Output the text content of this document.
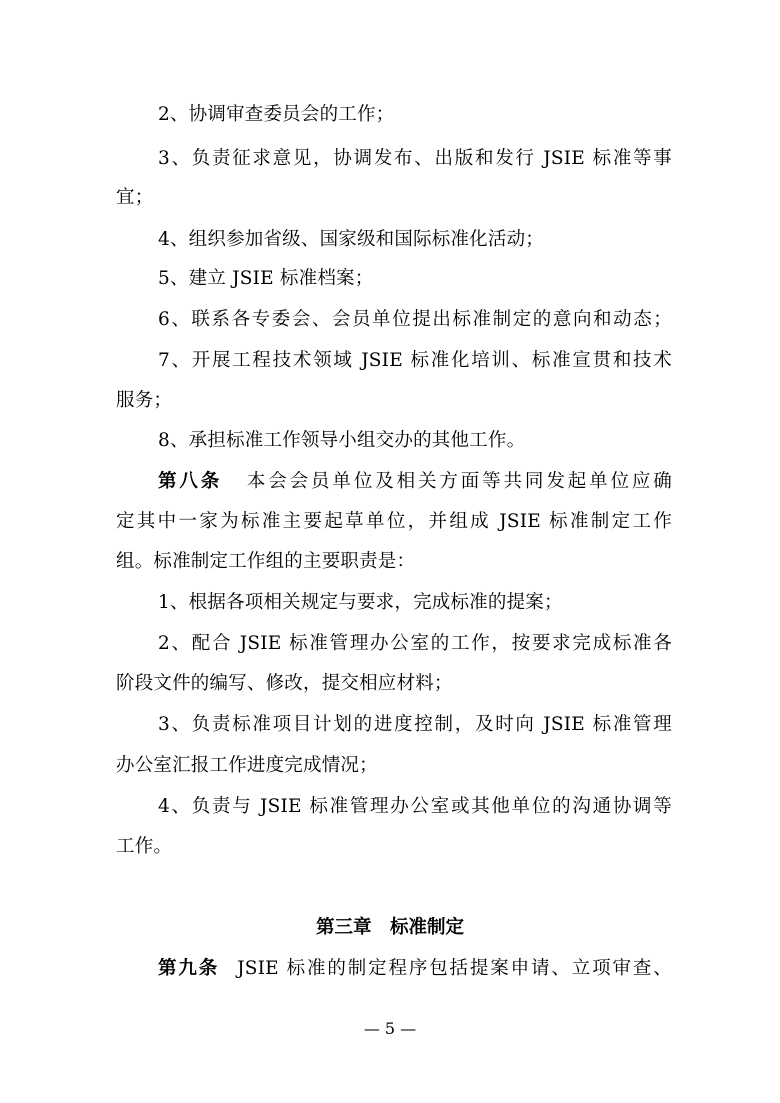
2、协调审查委员会的工作；
3、负责征求意见，协调发布、出版和发行 JSIE 标准等事
宜；
4、组织参加省级、国家级和国际标准化活动；
5、建立 JSIE 标准档案；
6、联系各专委会、会员单位提出标准制定的意向和动态；
7、开展工程技术领域 JSIE 标准化培训、标准宣贯和技术
服务；
8、承担标准工作领导小组交办的其他工作。
第八条 本会会员单位及相关方面等共同发起单位应确
定其中一家为标准主要起草单位，并组成 JSIE 标准制定工作
组。标准制定工作组的主要职责是：
1、根据各项相关规定与要求，完成标准的提案；
2、配合 JSIE 标准管理办公室的工作，按要求完成标准各
阶段文件的编写、修改，提交相应材料；
3、负责标准项目计划的进度控制，及时向 JSIE 标准管理
办公室汇报工作进度完成情况；
4、负责与 JSIE 标准管理办公室或其他单位的沟通协调等
工作。
第三章　标准制定
第九条 JSIE 标准的制定程序包括提案申请、立项审查、
— 5 —
